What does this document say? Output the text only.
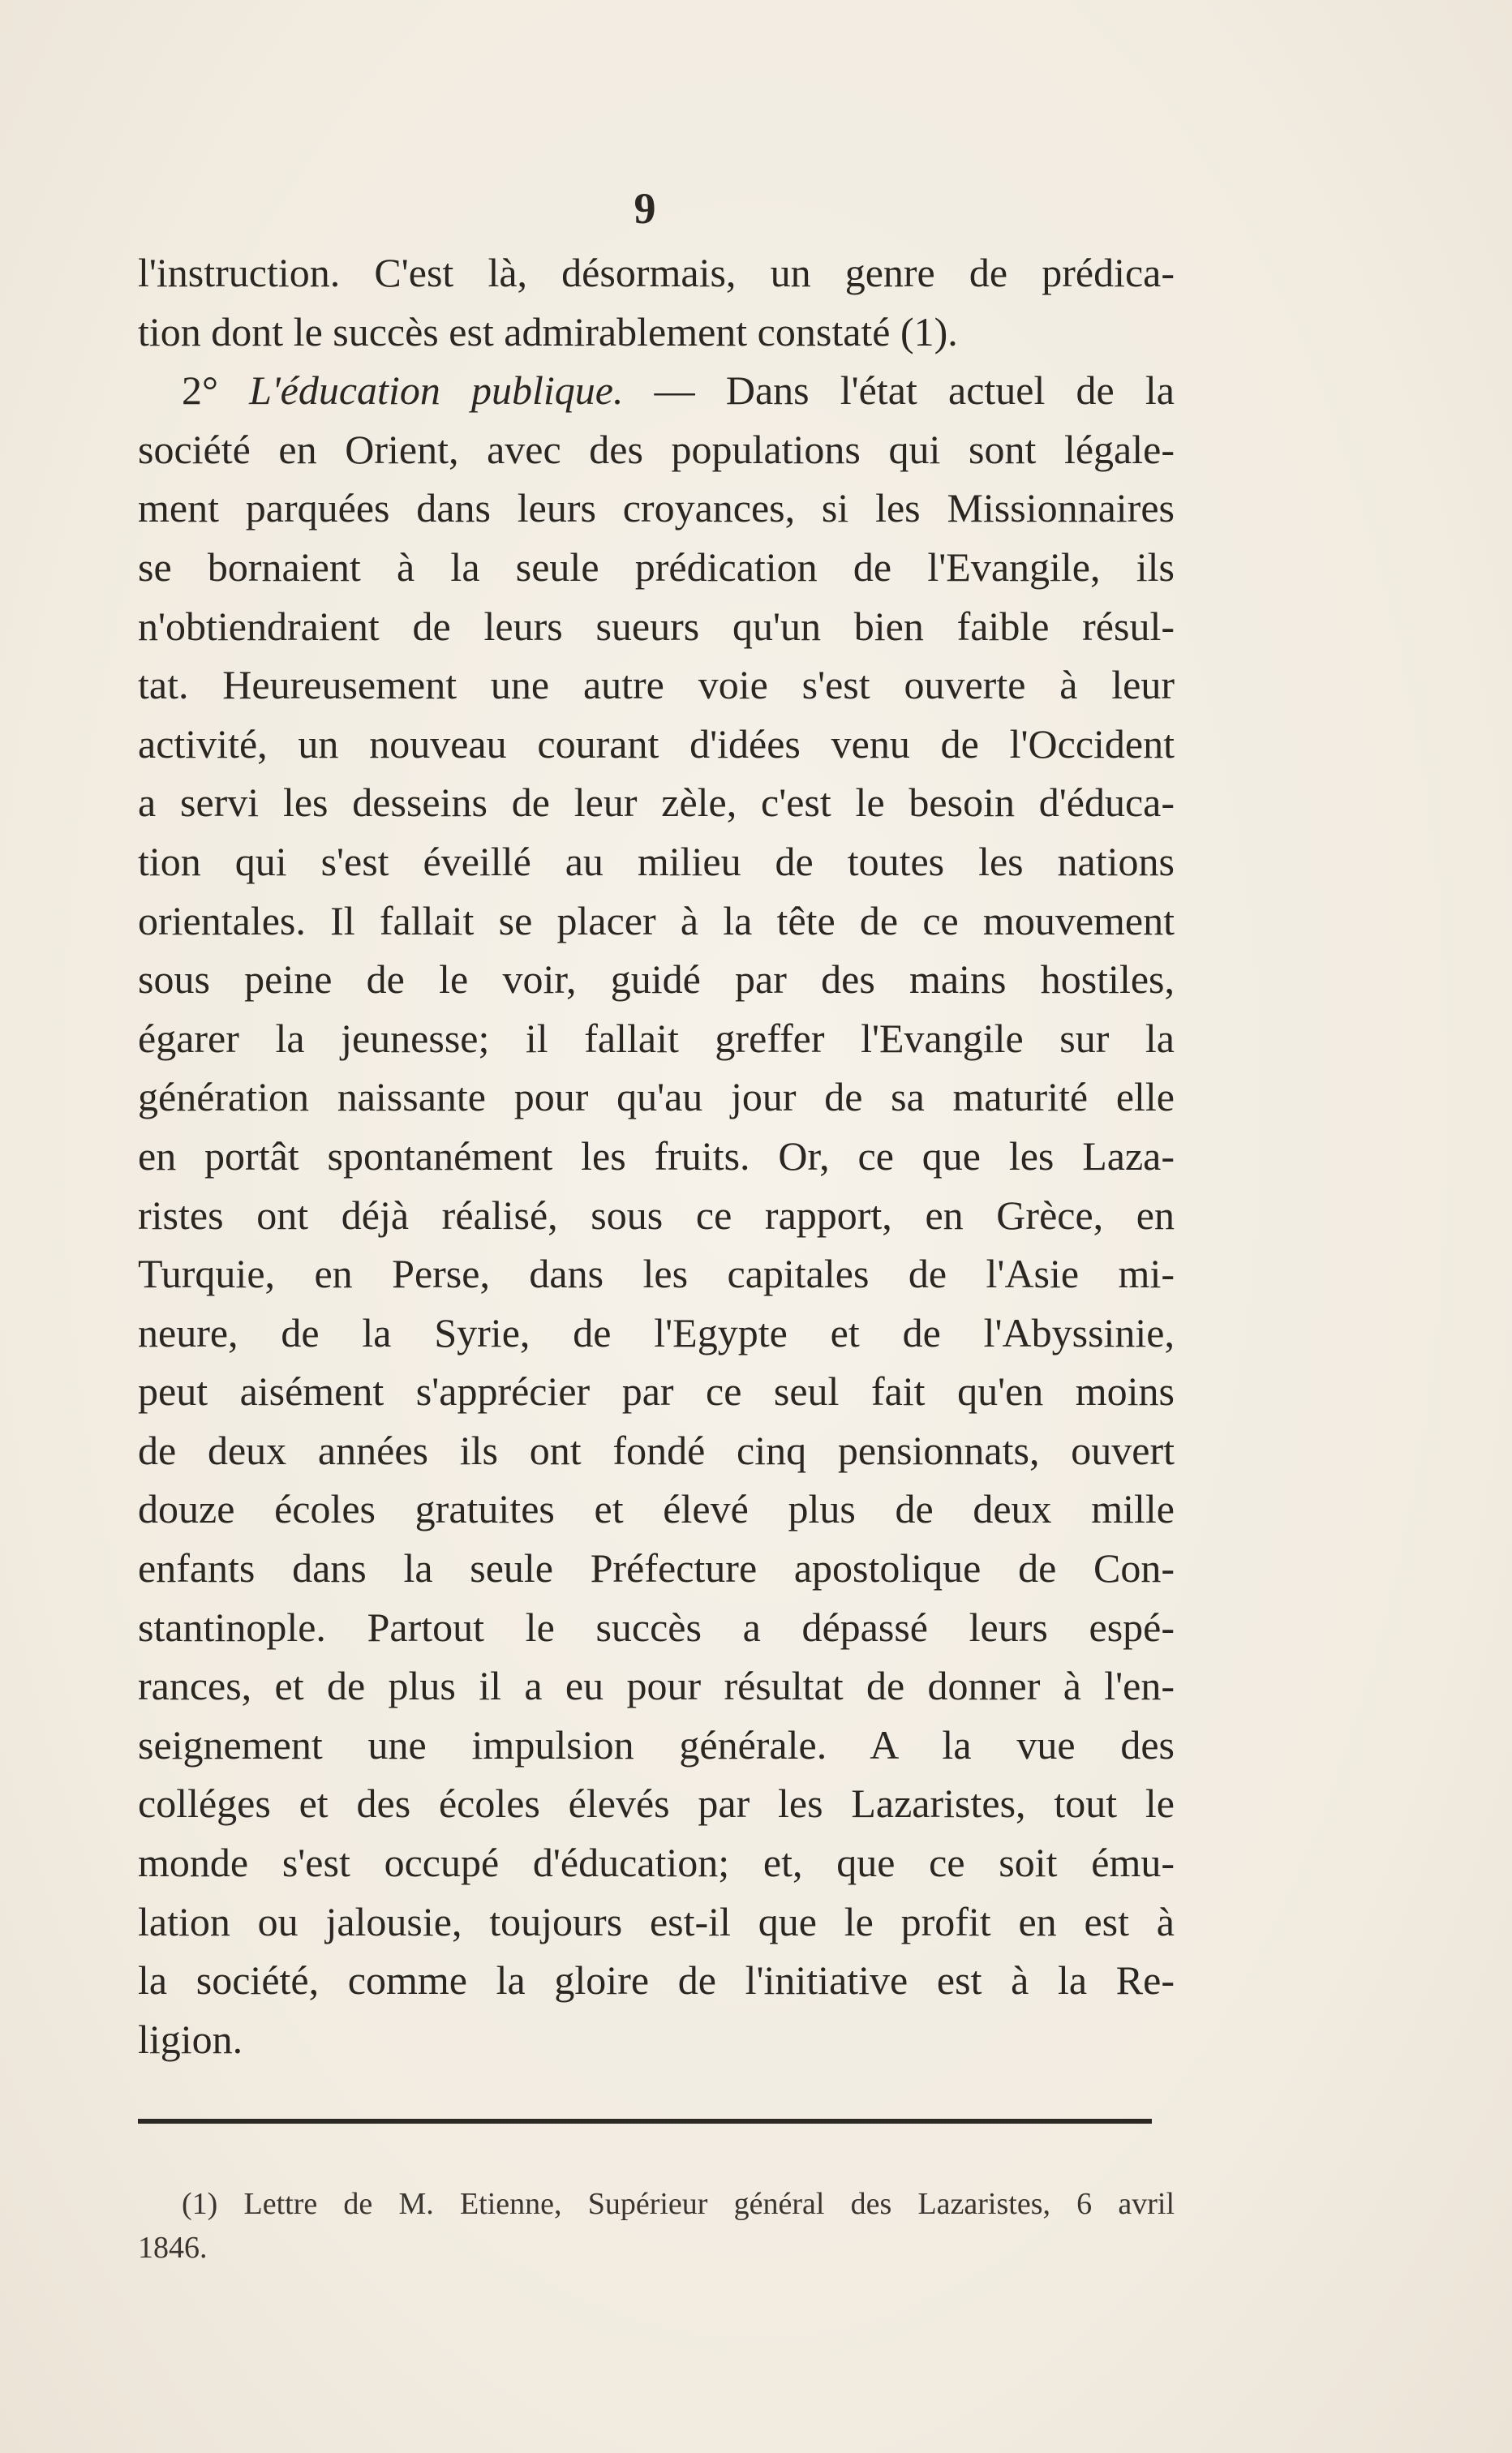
9
l'instruction. C'est là, désormais, un genre de prédica-
tion dont le succès est admirablement constaté (1).
2° L'éducation publique. — Dans l'état actuel de la
société en Orient, avec des populations qui sont légale-
ment parquées dans leurs croyances, si les Missionnaires
se bornaient à la seule prédication de l'Evangile, ils
n'obtiendraient de leurs sueurs qu'un bien faible résul-
tat. Heureusement une autre voie s'est ouverte à leur
activité, un nouveau courant d'idées venu de l'Occident
a servi les desseins de leur zèle, c'est le besoin d'éduca-
tion qui s'est éveillé au milieu de toutes les nations
orientales. Il fallait se placer à la tête de ce mouvement
sous peine de le voir, guidé par des mains hostiles,
égarer la jeunesse; il fallait greffer l'Evangile sur la
génération naissante pour qu'au jour de sa maturité elle
en portât spontanément les fruits. Or, ce que les Laza-
ristes ont déjà réalisé, sous ce rapport, en Grèce, en
Turquie, en Perse, dans les capitales de l'Asie mi-
neure, de la Syrie, de l'Egypte et de l'Abyssinie,
peut aisément s'apprécier par ce seul fait qu'en moins
de deux années ils ont fondé cinq pensionnats, ouvert
douze écoles gratuites et élevé plus de deux mille
enfants dans la seule Préfecture apostolique de Con-
stantinople. Partout le succès a dépassé leurs espé-
rances, et de plus il a eu pour résultat de donner à l'en-
seignement une impulsion générale. A la vue des
colléges et des écoles élevés par les Lazaristes, tout le
monde s'est occupé d'éducation; et, que ce soit ému-
lation ou jalousie, toujours est-il que le profit en est à
la société, comme la gloire de l'initiative est à la Re-
ligion.
(1) Lettre de M. Etienne, Supérieur général des Lazaristes, 6 avril
1846.
